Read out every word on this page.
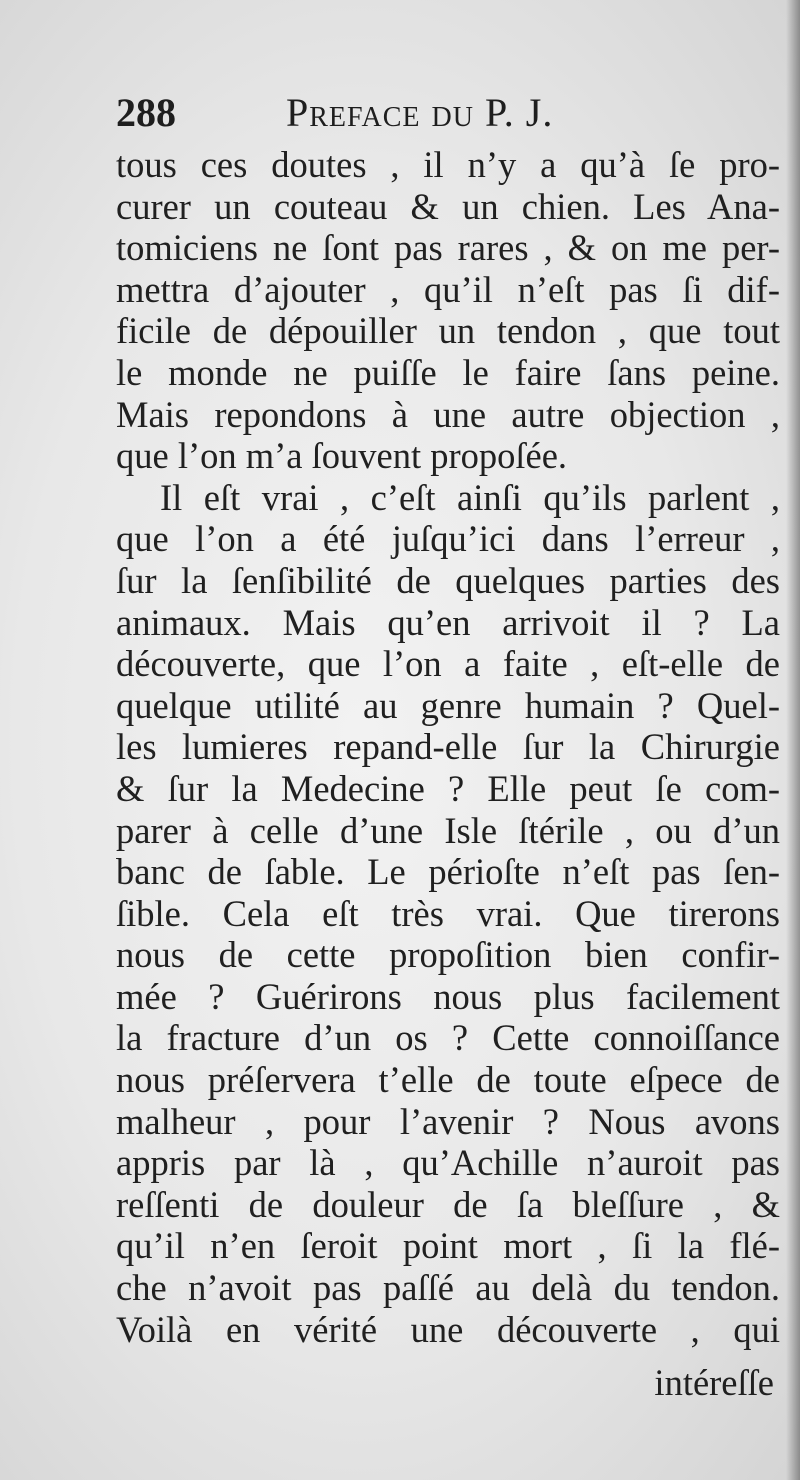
288	Preface du P. J.
tous ces doutes , il n’y a qu’à ſe pro-
curer un couteau & un chien. Les Ana-
tomiciens ne ſont pas rares , & on me per-
mettra d’ajouter , qu’il n’eſt pas ſi dif-
ficile de dépouiller un tendon , que tout
le monde ne puiſſe le faire ſans peine.
Mais repondons à une autre objection ,
que l’on m’a ſouvent propoſée.
Il eſt vrai , c’eſt ainſi qu’ils parlent ,
que l’on a été juſqu’ici dans l’erreur ,
ſur la ſenſibilité de quelques parties des
animaux. Mais qu’en arrivoit il ? La
découverte, que l’on a faite , eſt-elle de
quelque utilité au genre humain ? Quel-
les lumieres repand-elle ſur la Chirurgie
& ſur la Medecine ? Elle peut ſe com-
parer à celle d’une Isle ſtérile , ou d’un
banc de ſable. Le périoſte n’eſt pas ſen-
ſible. Cela eſt très vrai. Que tirerons
nous de cette propoſition bien confir-
mée ? Guérirons nous plus facilement
la fracture d’un os ? Cette connoiſſance
nous préſervera t’elle de toute eſpece de
malheur , pour l’avenir ? Nous avons
appris par là , qu’Achille n’auroit pas
reſſenti de douleur de ſa bleſſure , &
qu’il n’en ſeroit point mort , ſi la flé-
che n’avoit pas paſſé au delà du tendon.
Voilà en vérité une découverte , qui
intéreſſe
